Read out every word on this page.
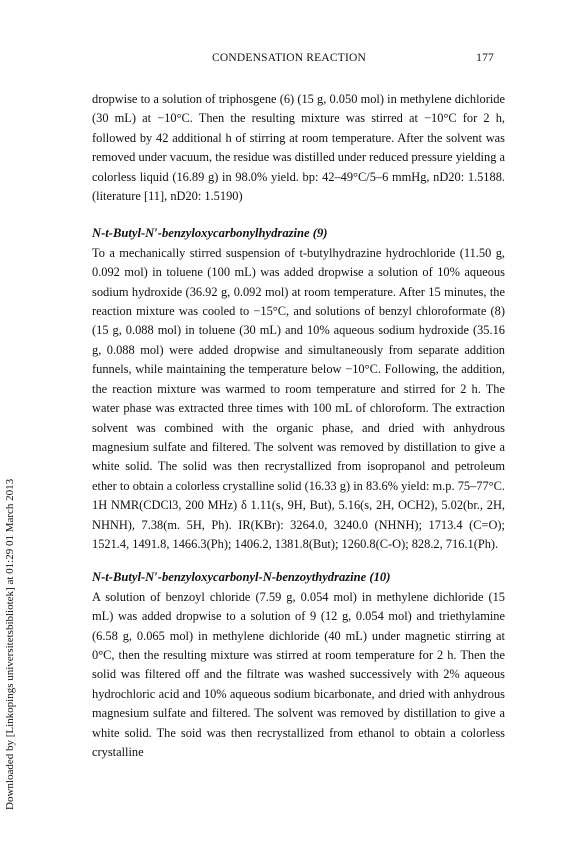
CONDENSATION REACTION	177
Downloaded by [Linkopings universitetsbibliotek] at 01:29 01 March 2013

dropwise to a solution of triphosgene (6) (15 g, 0.050 mol) in methylene dichloride (30 mL) at −10°C. Then the resulting mixture was stirred at −10°C for 2 h, followed by 42 additional h of stirring at room temperature. After the solvent was removed under vacuum, the residue was distilled under reduced pressure yielding a colorless liquid (16.89 g) in 98.0% yield. bp: 42–49°C/5–6 mmHg, nD20: 1.5188. (literature [11], nD20: 1.5190)

N-t-Butyl-N′-benzyloxycarbonylhydrazine (9)

To a mechanically stirred suspension of t-butylhydrazine hydrochloride (11.50 g, 0.092 mol) in toluene (100 mL) was added dropwise a solution of 10% aqueous sodium hydroxide (36.92 g, 0.092 mol) at room temperature. After 15 minutes, the reaction mixture was cooled to −15°C, and solutions of benzyl chloroformate (8) (15 g, 0.088 mol) in toluene (30 mL) and 10% aqueous sodium hydroxide (35.16 g, 0.088 mol) were added dropwise and simultaneously from separate addition funnels, while maintaining the temperature below −10°C. Following, the addition, the reaction mixture was warmed to room temperature and stirred for 2 h. The water phase was extracted three times with 100 mL of chloroform. The extraction solvent was combined with the organic phase, and dried with anhydrous magnesium sulfate and filtered. The solvent was removed by distillation to give a white solid. The solid was then recrystallized from isopropanol and petroleum ether to obtain a colorless crystalline solid (16.33 g) in 83.6% yield: m.p. 75–77°C. 1H NMR(CDCl3, 200 MHz) δ 1.11(s, 9H, But), 5.16(s, 2H, OCH2), 5.02(br., 2H, NHNH), 7.38(m. 5H, Ph). IR(KBr): 3264.0, 3240.0 (NHNH); 1713.4 (C=O); 1521.4, 1491.8, 1466.3(Ph); 1406.2, 1381.8(But); 1260.8(C-O); 828.2, 716.1(Ph).

N-t-Butyl-N′-benzyloxycarbonyl-N-benzoythydrazine (10)

A solution of benzoyl chloride (7.59 g, 0.054 mol) in methylene dichloride (15 mL) was added dropwise to a solution of 9 (12 g, 0.054 mol) and triethylamine (6.58 g, 0.065 mol) in methylene dichloride (40 mL) under magnetic stirring at 0°C, then the resulting mixture was stirred at room temperature for 2 h. Then the solid was filtered off and the filtrate was washed successively with 2% aqueous hydrochloric acid and 10% aqueous sodium bicarbonate, and dried with anhydrous magnesium sulfate and filtered. The solvent was removed by distillation to give a white solid. The soid was then recrystallized from ethanol to obtain a colorless crystalline
